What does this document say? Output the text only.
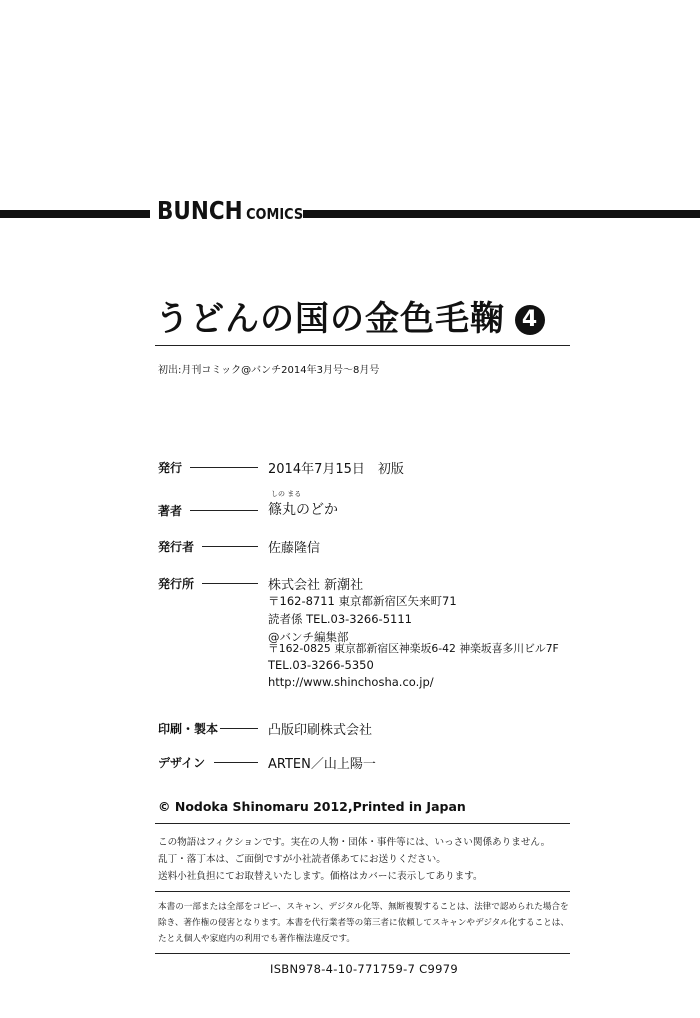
BUNCH COMICS
うどんの国の金色毛鞠 4
初出:月刊コミック@バンチ2014年3月号～8月号
発行	2014年7月15日　初版
しの まる
著者	篠丸のどか
発行者	佐藤隆信
発行所	株式会社 新潮社
〒162-8711 東京都新宿区矢来町71
読者係 TEL.03-3266-5111
@バンチ編集部
〒162-0825 東京都新宿区神楽坂6-42 神楽坂喜多川ビル7F
TEL.03-3266-5350
http://www.shinchosha.co.jp/
印刷・製本	凸版印刷株式会社
デザイン	ARTEN／山上陽一
© Nodoka Shinomaru 2012,Printed in Japan
この物語はフィクションです。実在の人物・団体・事件等には、いっさい関係ありません。
乱丁・落丁本は、ご面倒ですが小社読者係あてにお送りください。
送料小社負担にてお取替えいたします。価格はカバーに表示してあります。
本書の一部または全部をコピー、スキャン、デジタル化等、無断複製することは、法律で認められた場合を
除き、著作権の侵害となります。本書を代行業者等の第三者に依頼してスキャンやデジタル化することは、
たとえ個人や家庭内の利用でも著作権法違反です。
ISBN978-4-10-771759-7 C9979
